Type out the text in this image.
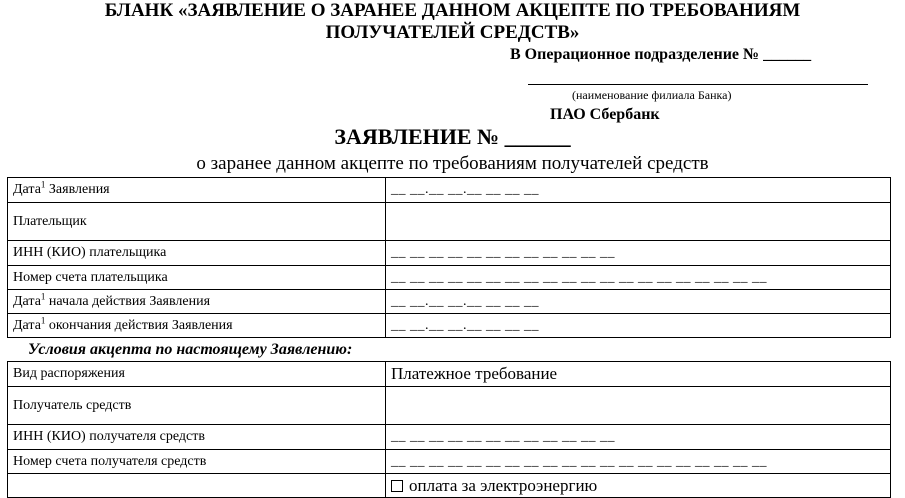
БЛАНК «ЗАЯВЛЕНИЕ О ЗАРАНЕЕ ДАННОМ АКЦЕПТЕ ПО ТРЕБОВАНИЯМ
ПОЛУЧАТЕЛЕЙ СРЕДСТВ»
В Операционное подразделение № ______
(наименование филиала Банка)
ПАО Сбербанк
ЗАЯВЛЕНИЕ № ______
о заранее данном акцепте по требованиям получателей средств
Дата$^1$ Заявления	__ __.__ __.__ __ __ __
Плательщик	
ИНН (КИО) плательщика	__ __ __ __ __ __ __ __ __ __ __ __
Номер счета плательщика	__ __ __ __ __ __ __ __ __ __ __ __ __ __ __ __ __ __ __ __
Дата$^1$ начала действия Заявления	__ __.__ __.__ __ __ __
Дата$^1$ окончания действия Заявления	__ __.__ __.__ __ __ __
Условия акцепта по настоящему Заявлению:
Вид распоряжения	Платежное требование
Получатель средств	
ИНН (КИО) получателя средств	__ __ __ __ __ __ __ __ __ __ __ __
Номер счета получателя средств	__ __ __ __ __ __ __ __ __ __ __ __ __ __ __ __ __ __ __ __
	оплата за электроэнергию
